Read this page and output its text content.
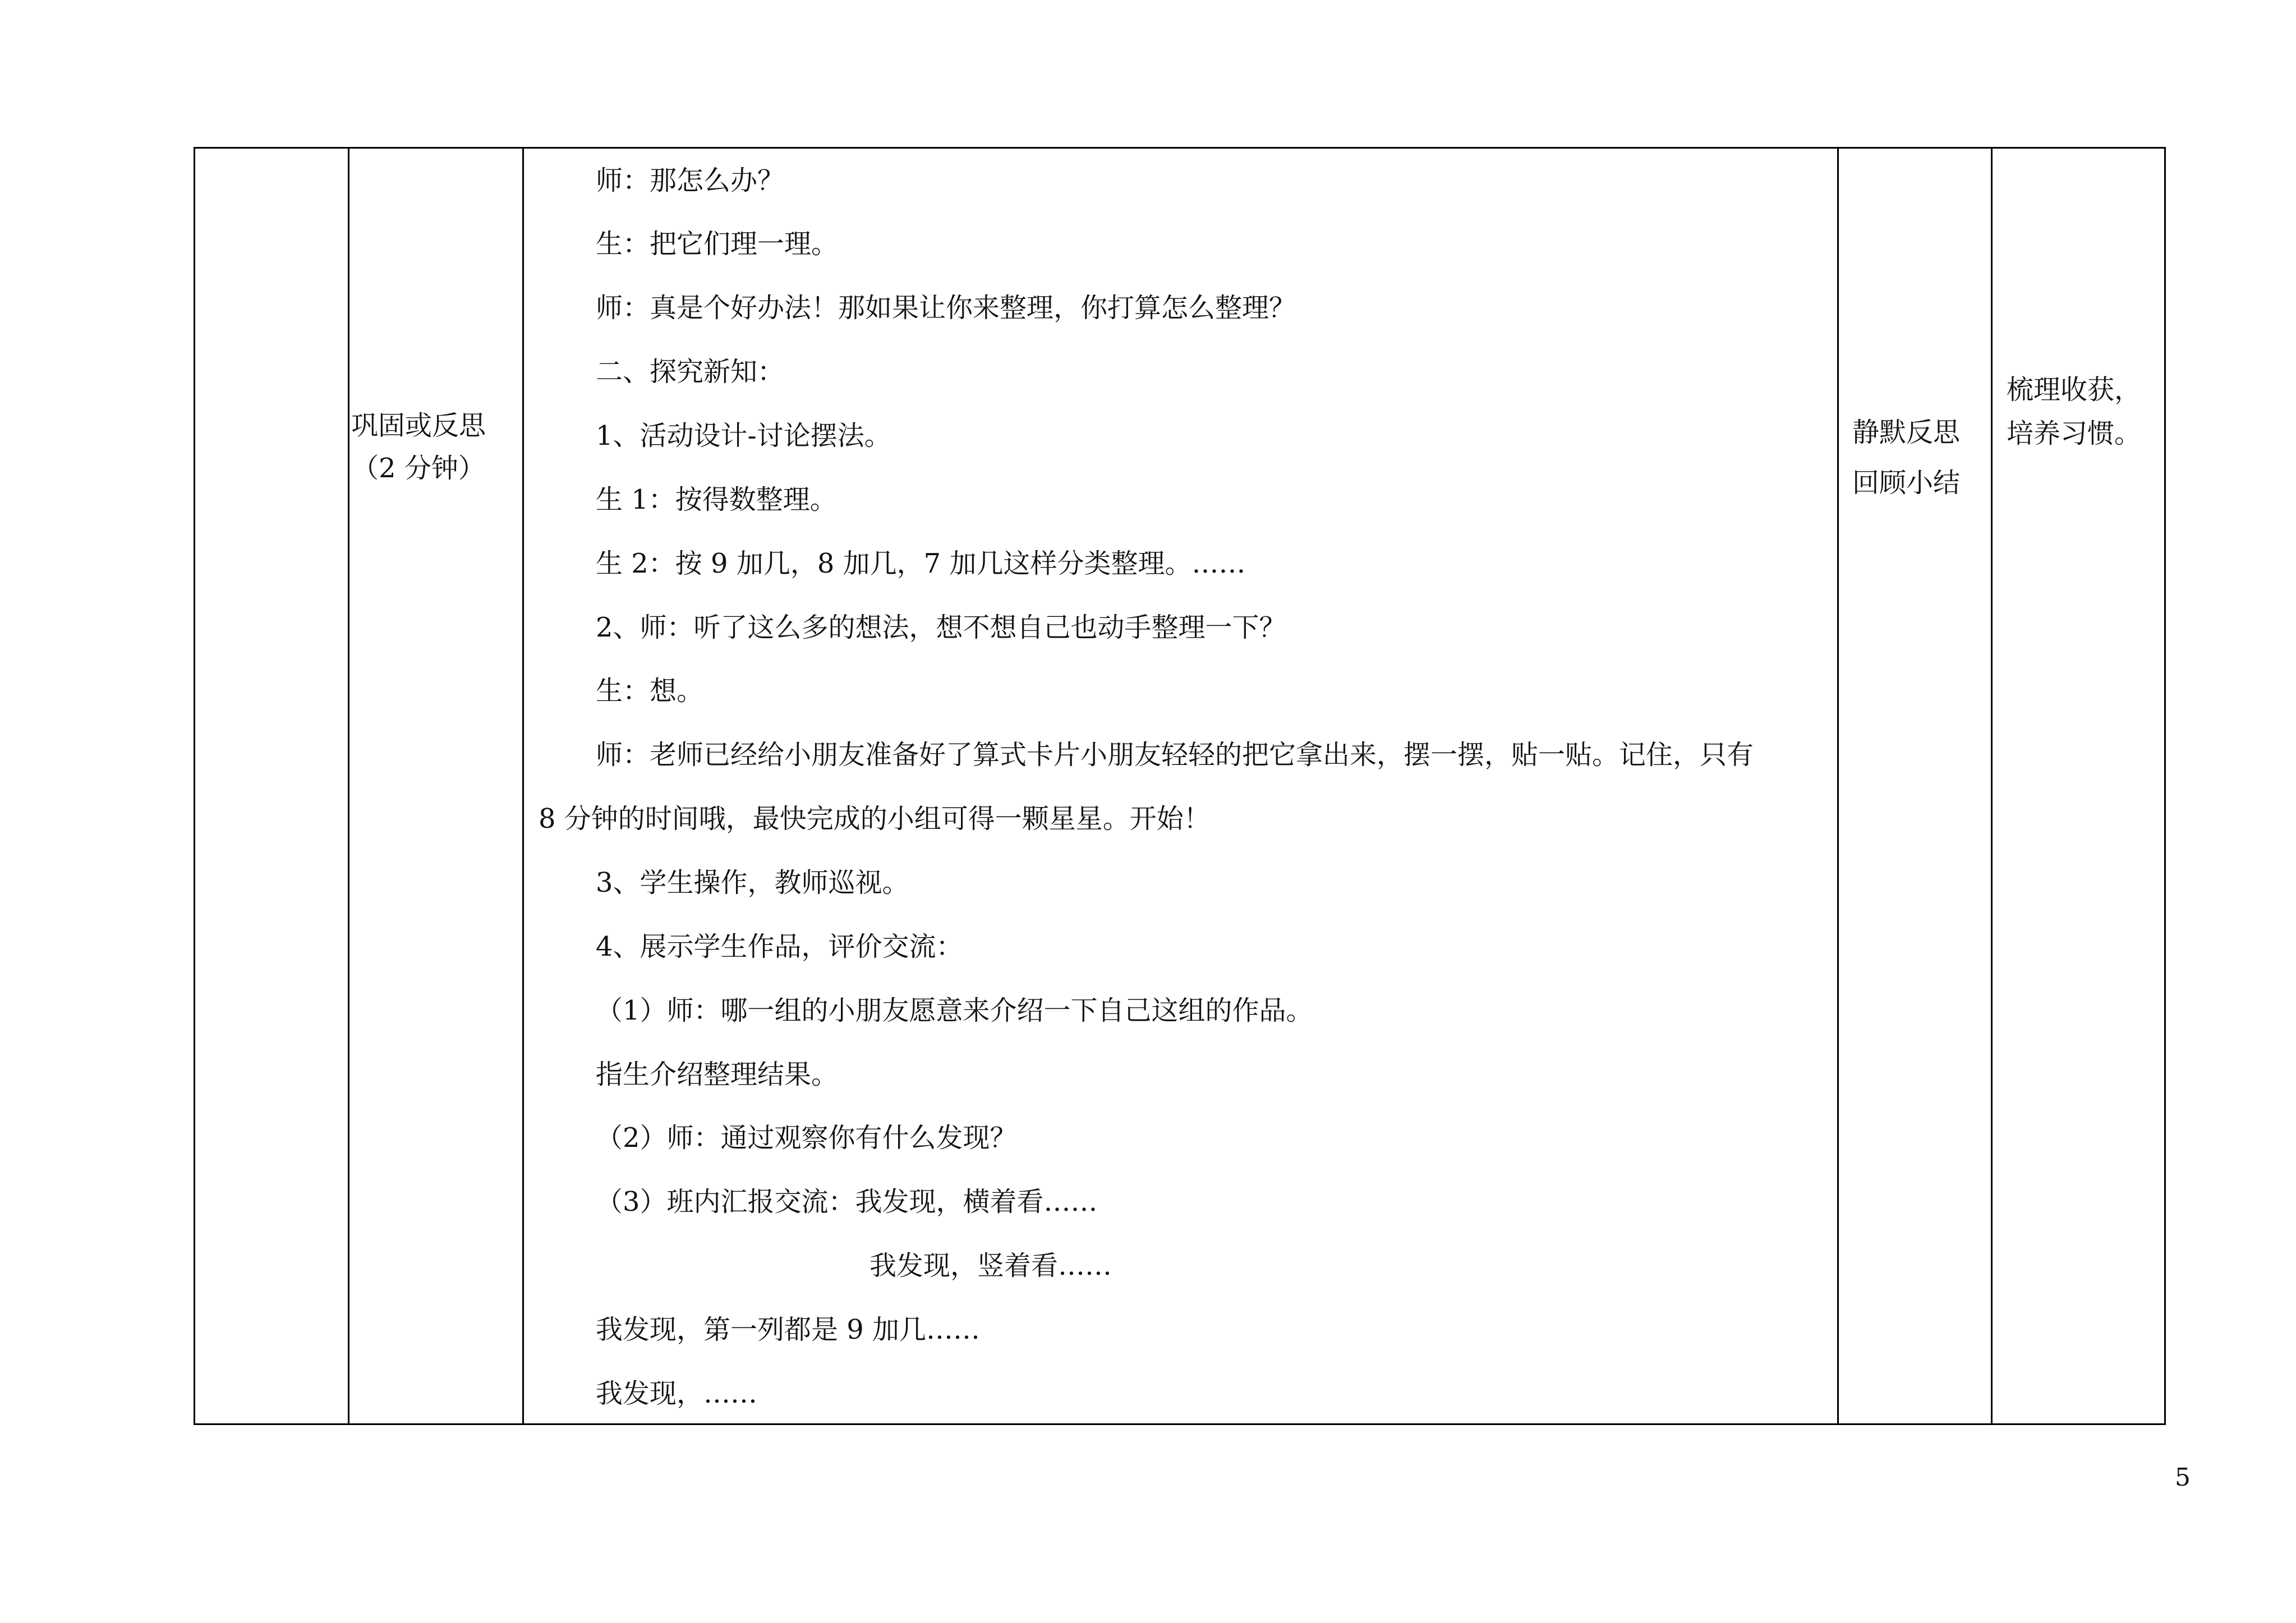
巩固或反思
（2 分钟）
师：那怎么办？
生：把它们理一理。
师：真是个好办法！那如果让你来整理，你打算怎么整理？
二、探究新知：
1、活动设计-讨论摆法。
生 1：按得数整理。
生 2：按 9 加几，8 加几，7 加几这样分类整理。……
2、师：听了这么多的想法，想不想自己也动手整理一下？
生：想。
师：老师已经给小朋友准备好了算式卡片小朋友轻轻的把它拿出来，摆一摆，贴一贴。记住，只有
8 分钟的时间哦，最快完成的小组可得一颗星星。开始！
3、学生操作，教师巡视。
4、展示学生作品，评价交流：
（1）师：哪一组的小朋友愿意来介绍一下自己这组的作品。
指生介绍整理结果。
（2）师：通过观察你有什么发现？
（3）班内汇报交流：我发现，横着看……
我发现，竖着看……
我发现，第一列都是 9 加几……
我发现，……
静默反思
回顾小结
梳理收获，
培养习惯。
5
